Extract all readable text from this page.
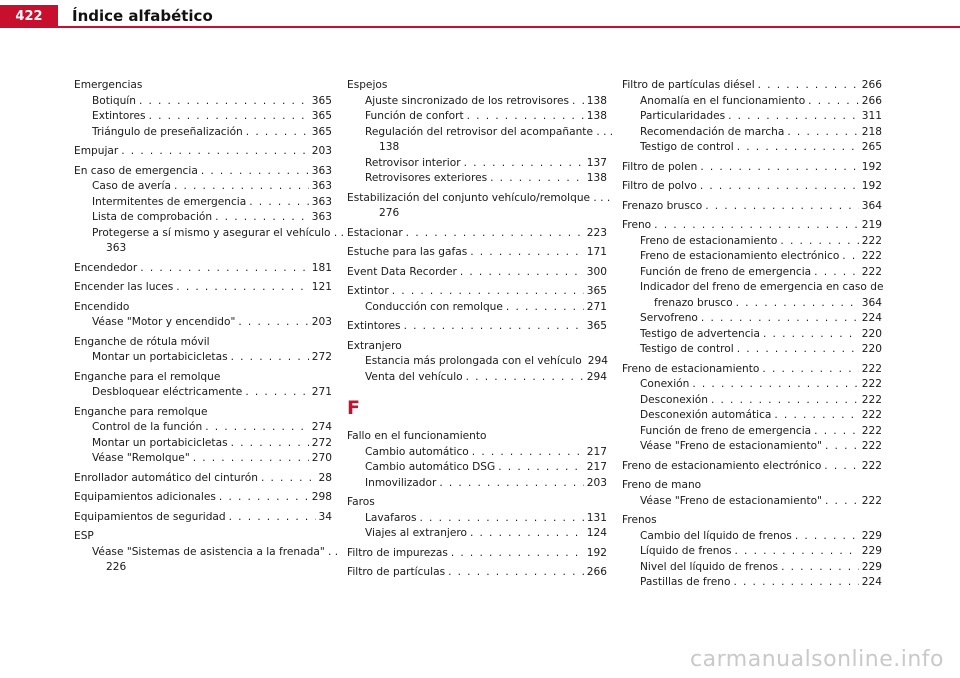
422	Índice alfabético
Emergencias
Botiquín . . .	365
Extintores . . .	365
Triángulo de preseñalización . . .	365
Empujar . . .	203
En caso de emergencia . . .	363
Caso de avería . . .	363
Intermitentes de emergencia . . .	363
Lista de comprobación . . .	363
Protegerse a sí mismo y asegurar el vehículo . .
363
Encendedor . . .	181
Encender las luces . . .	121
Encendido
Véase "Motor y encendido" . . .	203
Enganche de rótula móvil
Montar un portabicicletas . . .	272
Enganche para el remolque
Desbloquear eléctricamente . . .	271
Enganche para remolque
Control de la función . . .	274
Montar un portabicicletas . . .	272
Véase "Remolque" . . .	270
Enrollador automático del cinturón . . .	28
Equipamientos adicionales . . .	298
Equipamientos de seguridad . . .	34
ESP
Véase "Sistemas de asistencia a la frenada" . .
226
Espejos
Ajuste sincronizado de los retrovisores . . . 138
Función de confort . . .	138
Regulación del retrovisor del acompañante . . .
138
Retrovisor interior . . .	137
Retrovisores exteriores . . .	138
Estabilización del conjunto vehículo/remolque . . .
276
Estacionar . . .	223
Estuche para las gafas . . .	171
Event Data Recorder . . .	300
Extintor . . .	365
Conducción con remolque . . .	271
Extintores . . .	365
Extranjero
Estancia más prolongada con el vehículo 294
Venta del vehículo . . .	294
F
Fallo en el funcionamiento
Cambio automático . . .	217
Cambio automático DSG . . .	217
Inmovilizador . . .	203
Faros
Lavafaros . . .	131
Viajes al extranjero . . .	124
Filtro de impurezas . . .	192
Filtro de partículas . . .	266
Filtro de partículas diésel . . .	266
Anomalía en el funcionamiento . . .	266
Particularidades . . .	311
Recomendación de marcha . . .	218
Testigo de control . . .	265
Filtro de polen . . .	192
Filtro de polvo . . .	192
Frenazo brusco . . .	364
Freno . . .	219
Freno de estacionamiento . . .	222
Freno de estacionamiento electrónico . . . 222
Función de freno de emergencia . . .	222
Indicador del freno de emergencia en caso de
frenazo brusco . . .	364
Servofreno . . .	224
Testigo de advertencia . . .	220
Testigo de control . . .	220
Freno de estacionamiento . . .	222
Conexión . . .	222
Desconexión . . .	222
Desconexión automática . . .	222
Función de freno de emergencia . . .	222
Véase "Freno de estacionamiento" . . .	222
Freno de estacionamiento electrónico . . .	222
Freno de mano
Véase "Freno de estacionamiento" . . .	222
Frenos
Cambio del líquido de frenos . . .	229
Líquido de frenos . . .	229
Nivel del líquido de frenos . . .	229
Pastillas de freno . . .	224
carmanualsonline.info
